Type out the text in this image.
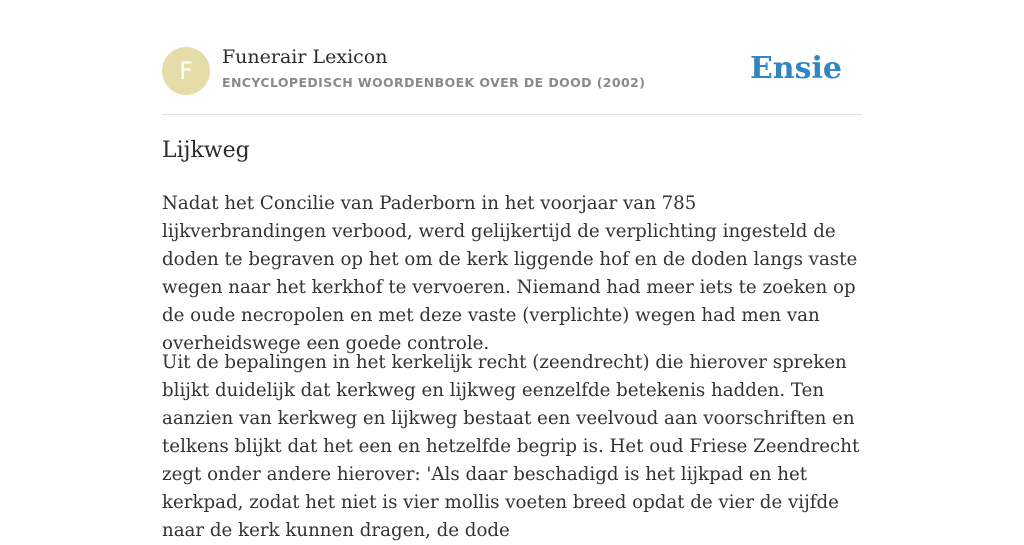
F	Funerair Lexicon
ENCYCLOPEDISCH WOORDENBOEK OVER DE DOOD (2002)	Ensie
Lijkweg

Nadat het Concilie van Paderborn in het voorjaar van 785 lijkverbrandingen verbood, werd gelijkertijd de verplichting ingesteld de doden te begraven op het om de kerk liggende hof en de doden langs vaste wegen naar het kerkhof te vervoeren. Niemand had meer iets te zoeken op de oude necropolen en met deze vaste (verplichte) wegen had men van overheidswege een goede controle.

Uit de bepalingen in het kerkelijk recht (zeendrecht) die hierover spreken blijkt duidelijk dat kerkweg en lijkweg eenzelfde betekenis hadden. Ten aanzien van kerkweg en lijkweg bestaat een veelvoud aan voorschriften en telkens blijkt dat het een en hetzelfde begrip is. Het oud Friese Zeendrecht zegt onder andere hierover: 'Als daar beschadigd is het lijkpad en het kerkpad, zodat het niet is vier mollis voeten breed opdat de vier de vijfde naar de kerk kunnen dragen, de dode
